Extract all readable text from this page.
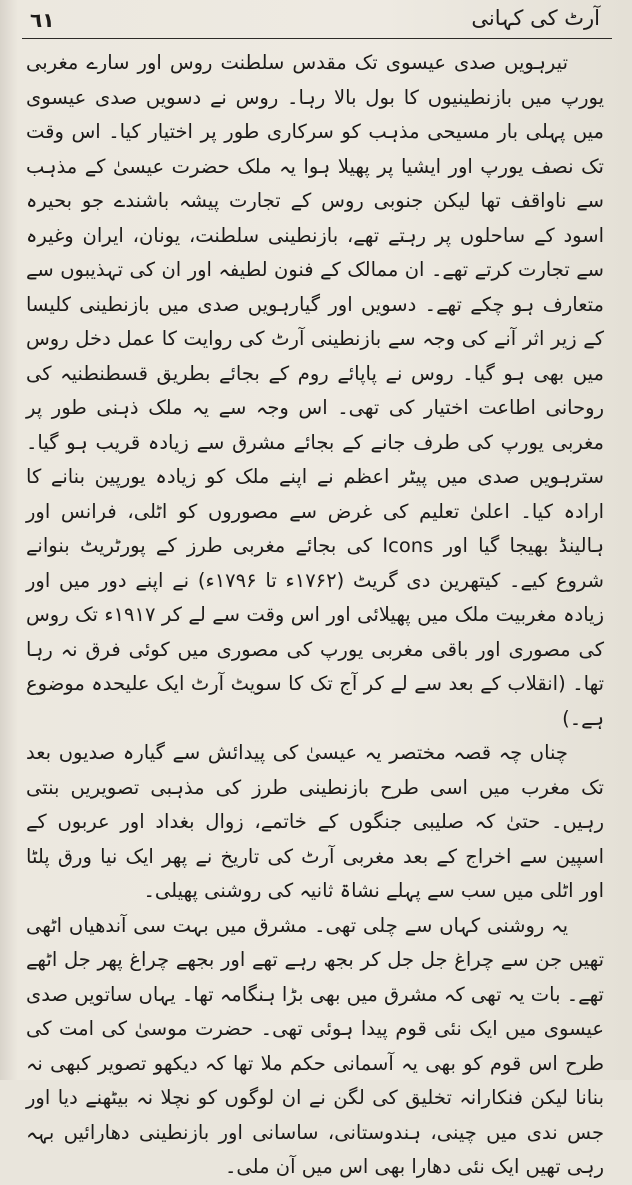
٦١	آرٹ کی کہانی

تیرہویں صدی عیسوی تک مقدس سلطنت روس اور سارے مغربی یورپ میں بازنطینیوں کا بول بالا رہا۔ روس نے دسویں صدی عیسوی میں پہلی بار مسیحی مذہب کو سرکاری طور پر اختیار کیا۔ اس وقت تک نصف یورپ اور ایشیا پر پھیلا ہوا یہ ملک حضرت عیسیٰ کے مذہب سے ناواقف تھا لیکن جنوبی روس کے تجارت پیشہ باشندے جو بحیرہ اسود کے ساحلوں پر رہتے تھے، بازنطینی سلطنت، یونان، ایران وغیرہ سے تجارت کرتے تھے۔ ان ممالک کے فنون لطیفہ اور ان کی تہذیبوں سے متعارف ہو چکے تھے۔ دسویں اور گیارہویں صدی میں بازنطینی کلیسا کے زیر اثر آنے کی وجہ سے بازنطینی آرٹ کی روایت کا عمل دخل روس میں بھی ہو گیا۔ روس نے پاپائے روم کے بجائے بطریق قسطنطنیہ کی روحانی اطاعت اختیار کی تھی۔ اس وجہ سے یہ ملک ذہنی طور پر مغربی یورپ کی طرف جانے کے بجائے مشرق سے زیادہ قریب ہو گیا۔ سترہویں صدی میں پیٹر اعظم نے اپنے ملک کو زیادہ یورپین بنانے کا ارادہ کیا۔ اعلیٰ تعلیم کی غرض سے مصوروں کو اٹلی، فرانس اور ہالینڈ بھیجا گیا اور Icons کی بجائے مغربی طرز کے پورٹریٹ بنوانے شروع کیے۔ کیتھرین دی گریٹ (۱۷۶۲ء تا ۱۷۹۶ء) نے اپنے دور میں اور زیادہ مغربیت ملک میں پھیلائی اور اس وقت سے لے کر ۱۹۱۷ء تک روس کی مصوری اور باقی مغربی یورپ کی مصوری میں کوئی فرق نہ رہا تھا۔ (انقلاب کے بعد سے لے کر آج تک کا سویٹ آرٹ ایک علیحدہ موضوع ہے۔)

چناں چہ قصہ مختصر یہ عیسیٰ کی پیدائش سے گیارہ صدیوں بعد تک مغرب میں اسی طرح بازنطینی طرز کی مذہبی تصویریں بنتی رہیں۔ حتیٰ کہ صلیبی جنگوں کے خاتمے، زوال بغداد اور عربوں کے اسپین سے اخراج کے بعد مغربی آرٹ کی تاریخ نے پھر ایک نیا ورق پلٹا اور اٹلی میں سب سے پہلے نشاۃ ثانیہ کی روشنی پھیلی۔

یہ روشنی کہاں سے چلی تھی۔ مشرق میں بہت سی آندھیاں اٹھی تھیں جن سے چراغ جل جل کر بجھ رہے تھے اور بجھے چراغ پھر جل اٹھے تھے۔ بات یہ تھی کہ مشرق میں بھی بڑا ہنگامہ تھا۔ یہاں ساتویں صدی عیسوی میں ایک نئی قوم پیدا ہوئی تھی۔ حضرت موسیٰ کی امت کی طرح اس قوم کو بھی یہ آسمانی حکم ملا تھا کہ دیکھو تصویر کبھی نہ بنانا لیکن فنکارانہ تخلیق کی لگن نے ان لوگوں کو نچلا نہ بیٹھنے دیا اور جس ندی میں چینی، ہندوستانی، ساسانی اور بازنطینی دھارائیں بہہ رہی تھیں ایک نئی دھارا بھی اس میں آن ملی۔
